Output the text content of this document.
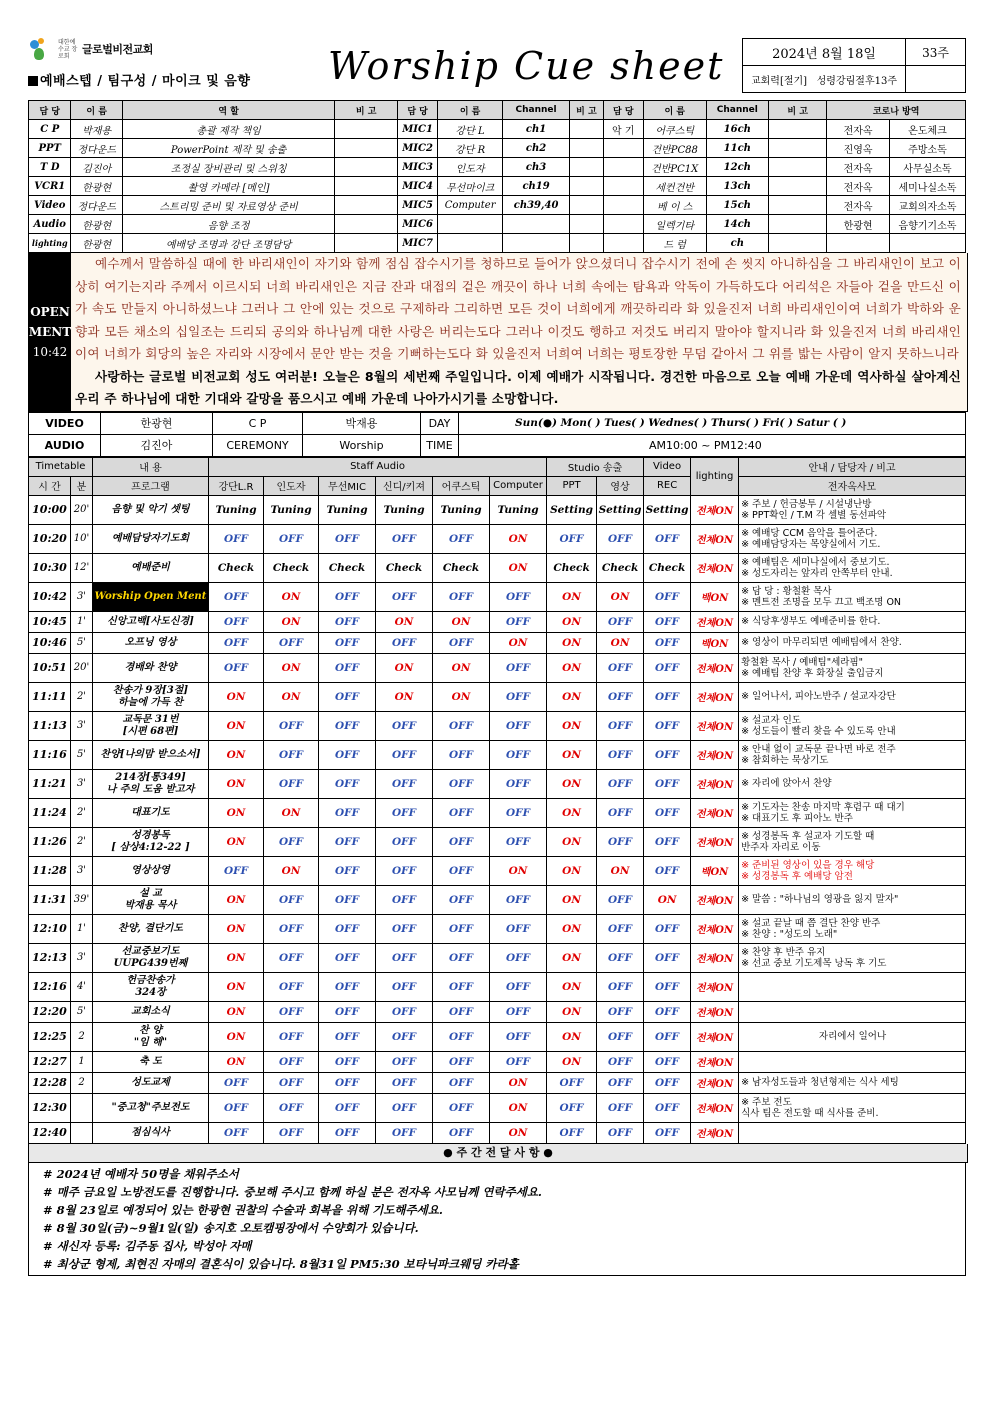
대한예수교 장로회	글로벌비전교회
예배스텝 / 팀구성 / 마이크 및 음향 Worship Cue sheet	2024년 8월 18일	33주
교회력[절기] 성령강림절후13주	
담 당	이 름	역 할	비 고	담 당	이 름	Channel	비 고	담 당	이 름	Channel	비 고	코로나 방역	
C P	박재용	총괄 제작 책임		MIC1	강단 L	ch1		악 기	어쿠스틱	16ch		전자옥	온도체크
PPT	정다운드	PowerPoint 제작 및 송출		MIC2	강단 R	ch2			건반PC88	11ch		진영옥	주방소독
T D	김진아	조정실 장비관리 및 스위칭		MIC3	인도자	ch3			건반PC1X	12ch		전자옥	사무실소독
VCR1	한광현	촬영 카메라 [메인]		MIC4	무선마이크	ch19			세컨건반	13ch		전자옥	세미나실소독
Video	정다운드	스트리밍 준비 및 자료영상 준비		MIC5	Computer	ch39,40			베 이 스	15ch		전자옥	교회의자소독
Audio	한광현	음향 조정		MIC6					일렉기타	14ch		한광현	음향기기소독
lighting	한광현	예배당 조명과 강단 조명담당		MIC7					드 럼	ch			
OPEN
MENT
10:42

예수께서 말씀하실 때에 한 바리새인이 자기와 함께 점심 잡수시기를 청하므로 들어가 앉으셨더니 잡수시기 전에 손 씻지 아니하심을 그 바리새인이 보고 이상히 여기는지라 주께서 이르시되 너희 바리새인은 지금 잔과 대접의 겉은 깨끗이 하나 너희 속에는 탐욕과 악독이 가득하도다 어리석은 자들아 겉을 만드신 이가 속도 만들지 아니하셨느냐 그러나 그 안에 있는 것으로 구제하라 그리하면 모든 것이 너희에게 깨끗하리라 화 있을진저 너희 바리새인이여 너희가 박하와 운향과 모든 채소의 십일조는 드리되 공의와 하나님께 대한 사랑은 버리는도다 그러나 이것도 행하고 저것도 버리지 말아야 할지니라 화 있을진저 너희 바리새인이여 너희가 회당의 높은 자리와 시장에서 문안 받는 것을 기뻐하는도다 화 있을진저 너희여 너희는 평토장한 무덤 같아서 그 위를 밟는 사람이 알지 못하느니라

사랑하는 글로벌 비전교회 성도 여러분! 오늘은 8월의 세번째 주일입니다. 이제 예배가 시작됩니다. 경건한 마음으로 오늘 예배 가운데 역사하실 살아계신 우리 주 하나님에 대한 기대와 갈망을 품으시고 예배 가운데 나아가시기를 소망합니다.

VIDEO	한광현	C P	박재용	DAY	Sun(●) Mon( ) Tues( ) Wednes( ) Thurs( ) Fri( ) Satur ( )
AUDIO	김진아	CEREMONY	Worship	TIME	AM10:00 ~ PM12:40
Timetable		내 용	Staff Audio						Studio 송출		Video	lighting	안내 / 담당자 / 비고
시 간	분	프로그램	강단L.R	인도자	무선MIC	신디/키져	어쿠스틱	Computer	PPT	영상	REC		전자옥사모
10:00	20'	음향 및 악기 셋팅	Tuning	Tuning	Tuning	Tuning	Tuning	Tuning	Setting	Setting	Setting	전체ON	※ 주보 / 헌금봉투 / 시설냉난방
※ PPT확인 / T.M 각 셀별 동선파악
10:20	10'	예배담당자기도회	OFF	OFF	OFF	OFF	OFF	ON	OFF	OFF	OFF	전체ON	※ 예배당 CCM 음악을 틀어준다.
※ 예배담당자는 목양실에서 기도.
10:30	12'	예배준비	Check	Check	Check	Check	Check	ON	Check	Check	Check	전체ON	※ 예배팀은 세미나실에서 중보기도.
※ 성도자리는 앞자리 안쪽부터 안내.
10:42	3'	Worship Open Ment	OFF	ON	OFF	OFF	OFF	OFF	ON	ON	OFF	백ON	※ 담 당 : 황철환 목사
※ 멘트전 조명을 모두 끄고 백조명 ON
10:45	1'	신앙고백[사도신경]	OFF	ON	OFF	ON	ON	OFF	ON	OFF	OFF	전체ON	※ 식당후생부도 예배준비를 한다.
10:46	5'	오프닝 영상	OFF	OFF	OFF	OFF	OFF	ON	ON	ON	OFF	백ON	※ 영상이 마무리되면 예배팀에서 찬양.
10:51	20'	경배와 찬양	OFF	ON	OFF	ON	ON	OFF	ON	OFF	OFF	전체ON	황철환 목사 / 예배팀"세라핌"
※ 예배팀 찬양 후 화장실 출입금지
11:11	2'	찬송가 9장[3절]
하늘에 가득 찬	ON	ON	OFF	ON	ON	OFF	ON	OFF	OFF	전체ON	※ 일어나서, 피아노반주 / 설교자강단
11:13	3'	교독문 31번
[시편 68편]	ON	OFF	OFF	OFF	OFF	OFF	ON	OFF	OFF	전체ON	※ 설교자 인도
※ 성도들이 빨리 찾을 수 있도록 안내
11:16	5'	찬양[나의맘 받으소서]	ON	OFF	OFF	OFF	OFF	OFF	ON	OFF	OFF	전체ON	※ 안내 없이 교독문 끝나면 바로 전주
※ 참회하는 묵상기도
11:21	3'	214장[통349]
나 주의 도움 받고자	ON	OFF	OFF	OFF	OFF	OFF	ON	OFF	OFF	전체ON	※ 자리에 앉아서 찬양
11:24	2'	대표기도	ON	ON	OFF	OFF	OFF	OFF	ON	OFF	OFF	전체ON	※ 기도자는 찬송 마지막 후렴구 때 대기
※ 대표기도 후 피아노 반주
11:26	2'	성경봉독
[ 삼상4:12-22 ]	ON	OFF	OFF	OFF	OFF	OFF	ON	OFF	OFF	전체ON	※ 성경봉독 후 설교자 기도할 때
반주자 자리로 이동
11:28	3'	영상상영	OFF	ON	OFF	OFF	OFF	ON	ON	ON	OFF	백ON	※ 준비된 영상이 있을 경우 해당
※ 성경봉독 후 예배당 암전
11:31	39'	설 교
박재용 목사	ON	OFF	OFF	OFF	OFF	OFF	ON	OFF	ON	전체ON	※ 말씀 : "하나님의 영광을 잃지 말자"
12:10	1'	찬양, 결단기도	ON	OFF	OFF	OFF	OFF	OFF	ON	OFF	OFF	전체ON	※ 설교 끝날 때 쯤 결단 찬양 반주
※ 찬양 : "성도의 노래"
12:13	3'	선교중보기도
UUPG439번째	ON	OFF	OFF	OFF	OFF	OFF	ON	OFF	OFF	전체ON	※ 찬양 후 반주 유지
※ 선교 중보 기도제목 낭독 후 기도
12:16	4'	헌금찬송가
324장	ON	OFF	OFF	OFF	OFF	OFF	ON	OFF	OFF	전체ON	
12:20	5'	교회소식	ON	OFF	OFF	OFF	OFF	OFF	ON	OFF	OFF	전체ON	
12:25	2	찬 양
"임 해"	ON	OFF	OFF	OFF	OFF	OFF	ON	OFF	OFF	전체ON	자리에서 일어나
12:27	1	축 도	ON	OFF	OFF	OFF	OFF	OFF	ON	OFF	OFF	전체ON	
12:28	2	성도교제	OFF	OFF	OFF	OFF	OFF	ON	OFF	OFF	OFF	전체ON	※ 남자성도들과 청년형제는 식사 세팅
12:30		"중고청"주보전도	OFF	OFF	OFF	OFF	OFF	ON	OFF	OFF	OFF	전체ON	※ 주보 전도
식사 팀은 전도할 때 식사를 준비.
12:40		점심식사	OFF	OFF	OFF	OFF	OFF	ON	OFF	OFF	OFF	전체ON	
● 주 간 전 달 사 항 ●
# 2024년 예배자 50명을 채워주소서
# 매주 금요일 노방전도를 진행합니다. 중보해 주시고 함께 하실 분은 전자옥 사모님께 연락주세요.
# 8월 23일로 예정되어 있는 한광현 권찰의 수술과 회복을 위해 기도해주세요.
# 8월 30일(금)~9월1일(일) 송지호 오토캠핑장에서 수양회가 있습니다.
# 새신자 등록: 김주동 집사, 박성아 자매
# 최상군 형제, 최현진 자매의 결혼식이 있습니다. 8월31일 PM5:30 보타닉파크웨딩 카라홀
